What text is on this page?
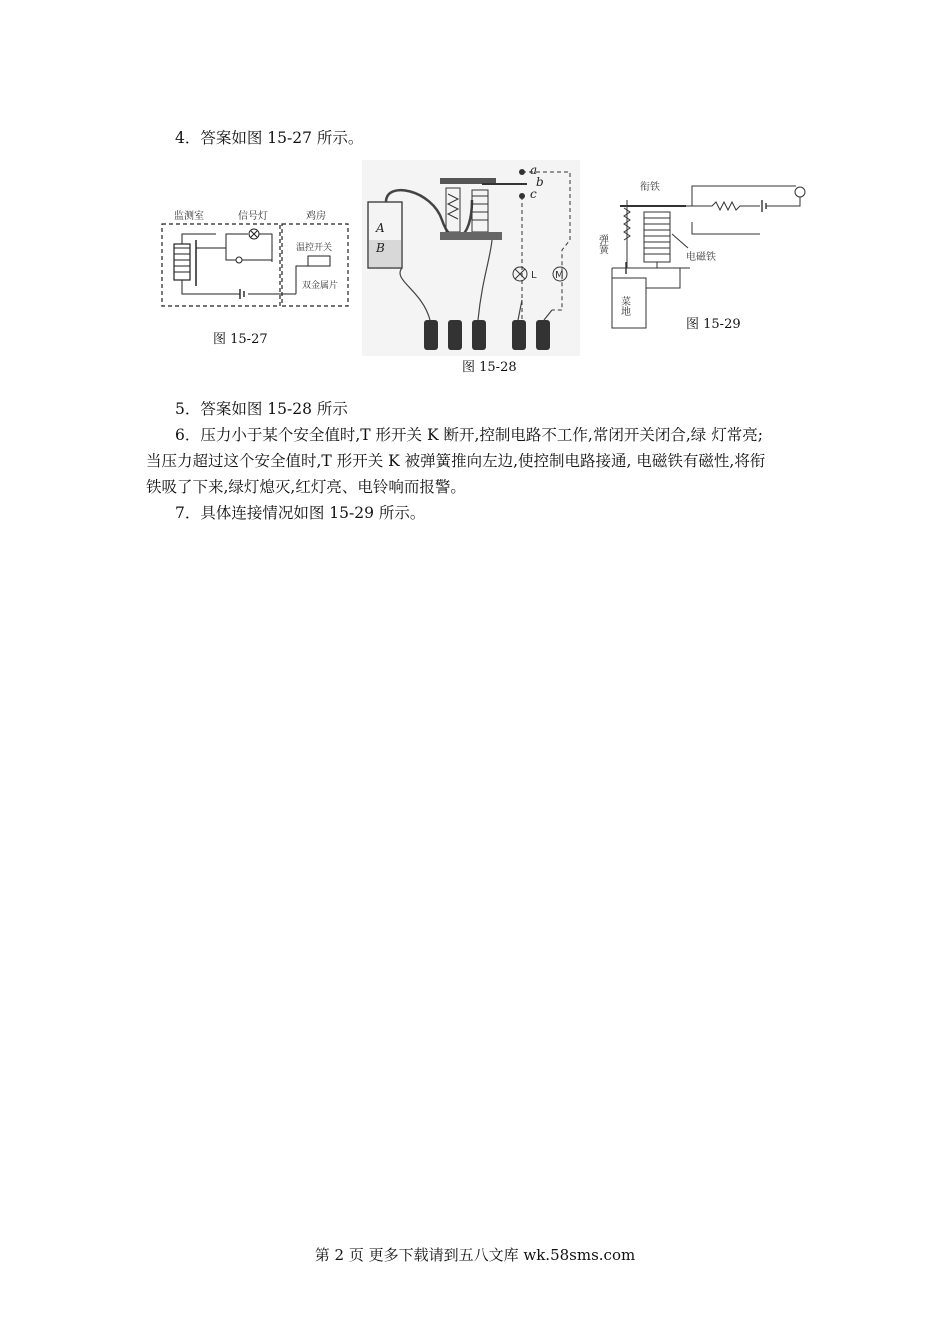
4．答案如图 15-27 所示。
监测室	信号灯	鸡房
温控开关
双金属片
图 15-27
A
B
a
b
c
L M
图 15-28
衔铁
弹簧
电磁铁
菜地
图 15-29
5．答案如图 15-28 所示
6．压力小于某个安全值时,T 形开关 K 断开,控制电路不工作,常闭开关闭合,绿 灯常亮;
当压力超过这个安全值时,T 形开关 K 被弹簧推向左边,使控制电路接通, 电磁铁有磁性,将衔
铁吸了下来,绿灯熄灭,红灯亮、电铃响而报警。
7．具体连接情况如图 15-29 所示。
第 2 页 更多下载请到五八文库 wk.58sms.com
